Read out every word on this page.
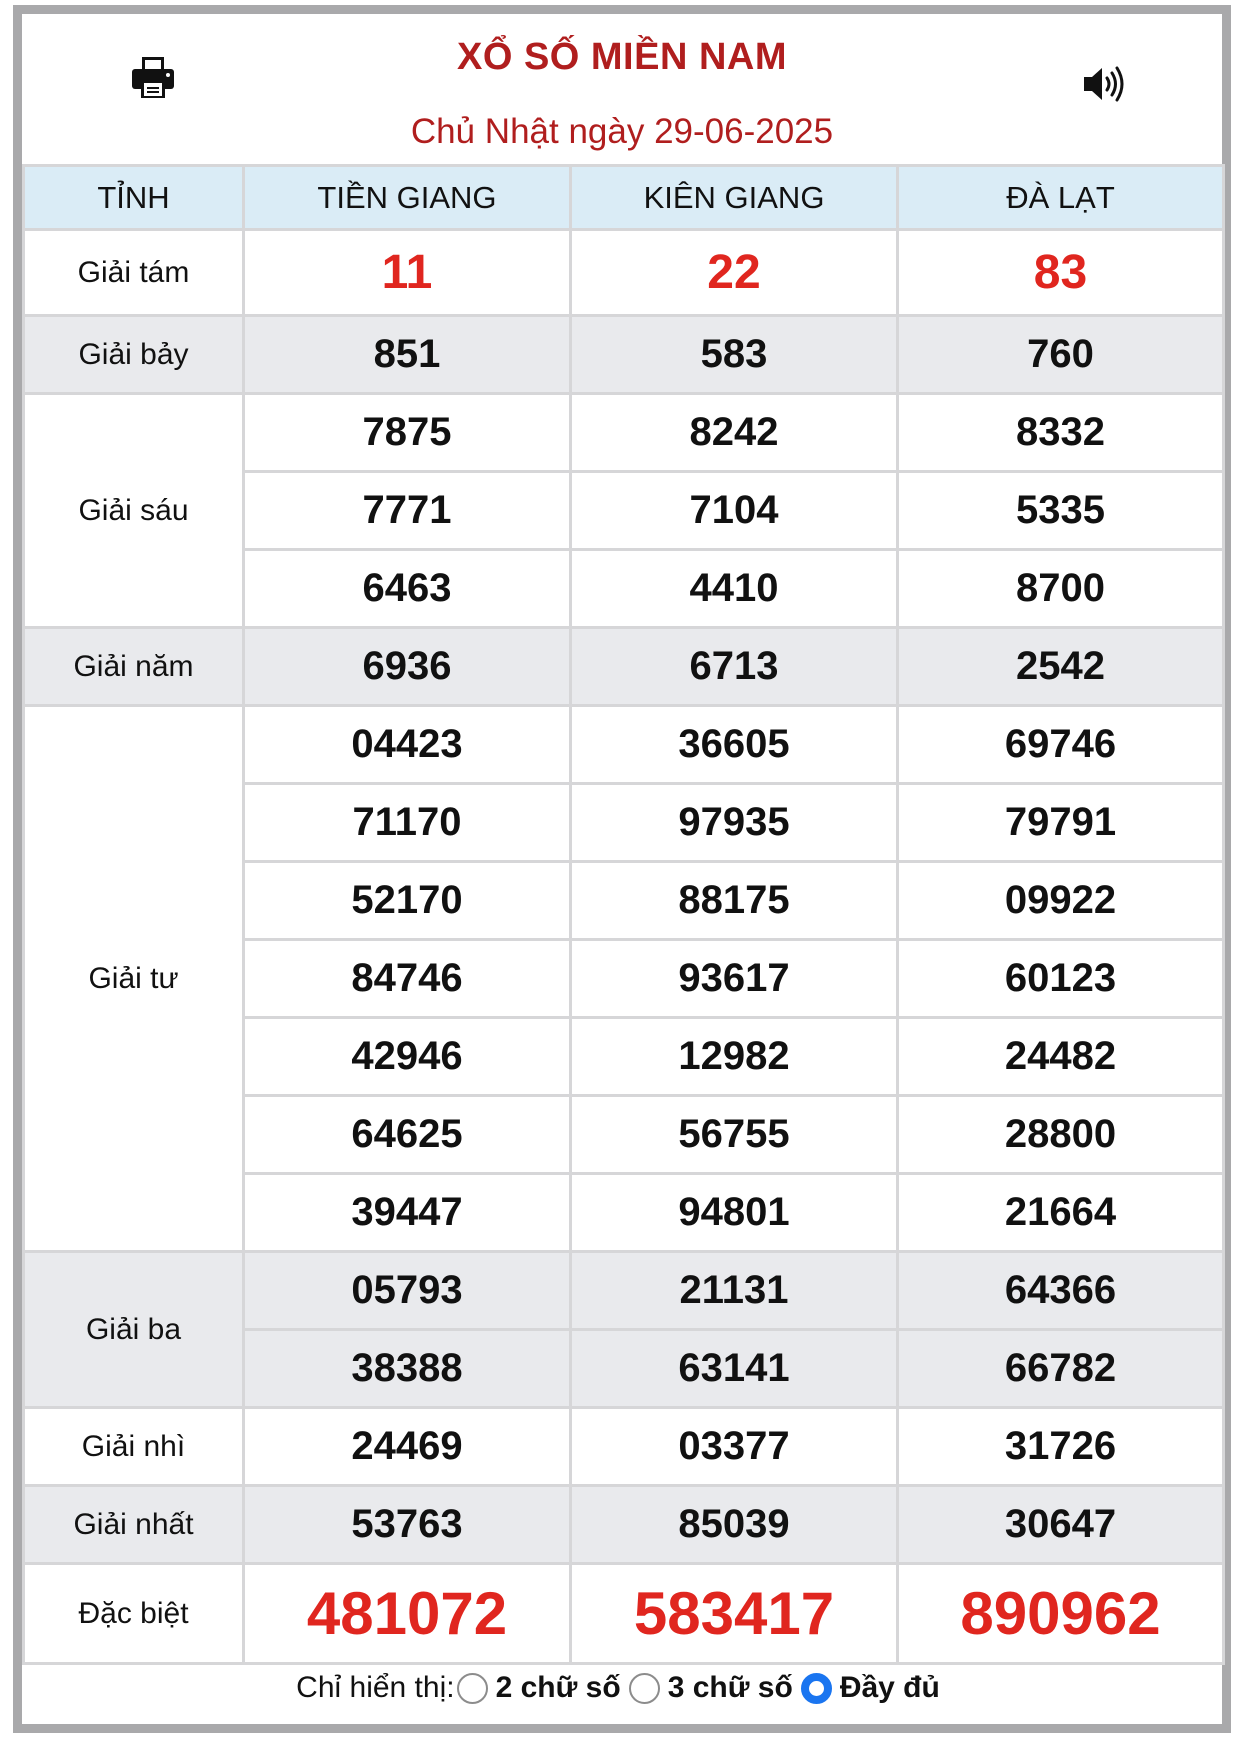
XỔ SỐ MIỀN NAM
Chủ Nhật ngày 29-06-2025
TỈNH	TIỀN GIANG	KIÊN GIANG	ĐÀ LẠT
Giải tám	11	22	83
Giải bảy	851	583	760
Giải sáu	7875	8242	8332
	7771	7104	5335
	6463	4410	8700
Giải năm	6936	6713	2542
Giải tư	04423	36605	69746
	71170	97935	79791
	52170	88175	09922
	84746	93617	60123
	42946	12982	24482
	64625	56755	28800
	39447	94801	21664
Giải ba	05793	21131	64366
	38388	63141	66782
Giải nhì	24469	03377	31726
Giải nhất	53763	85039	30647
Đặc biệt	481072	583417	890962
Chỉ hiển thị: 2 chữ số 3 chữ số Đầy đủ
